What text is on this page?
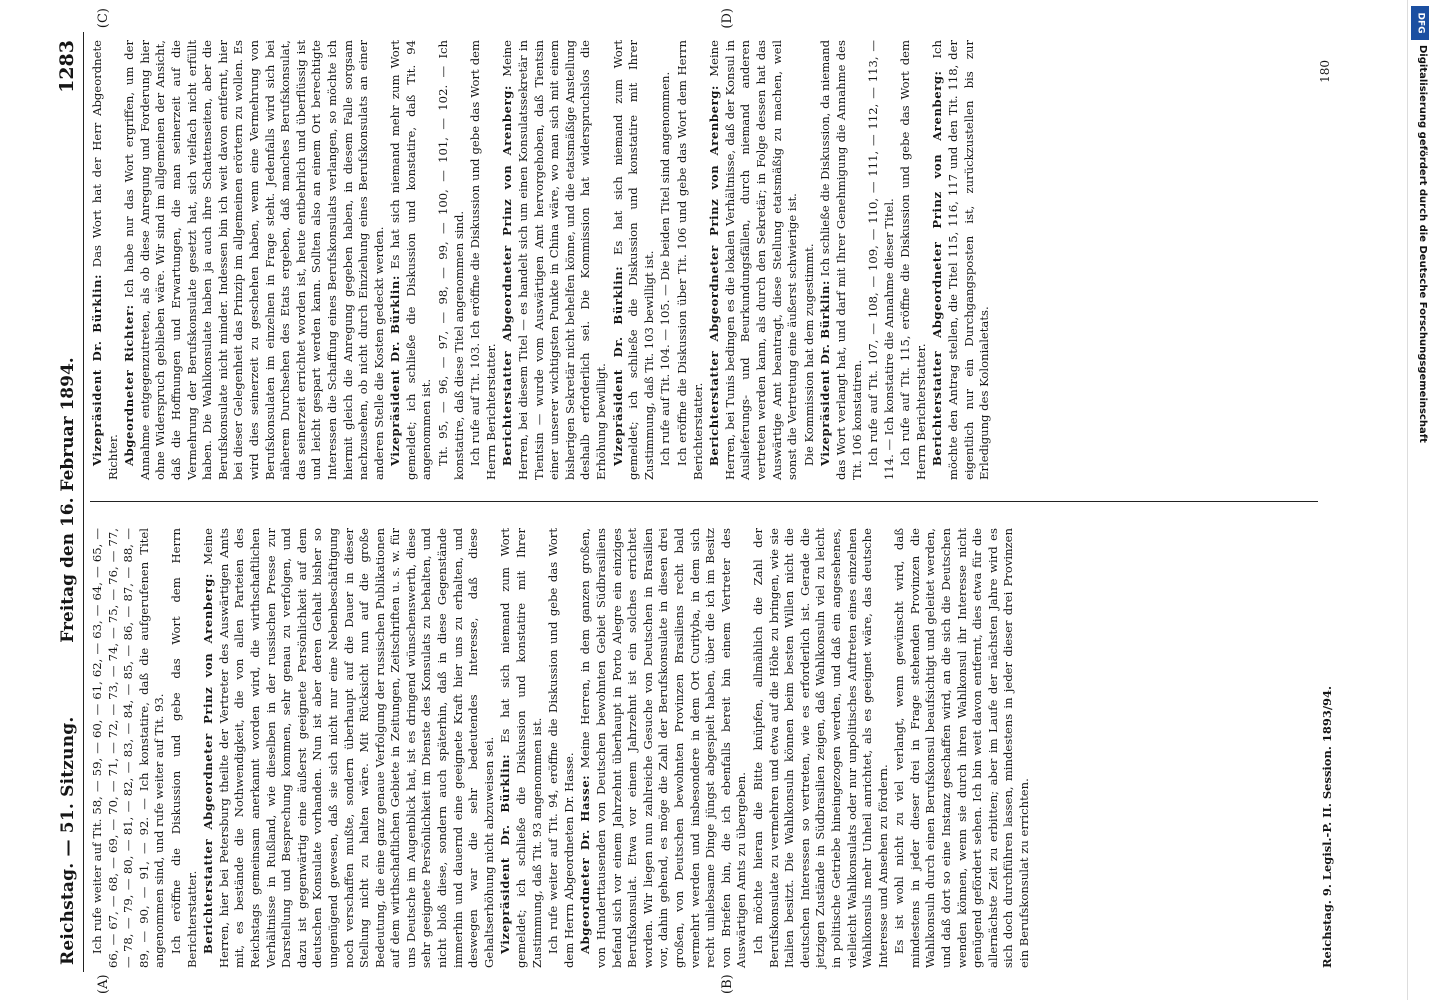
Reichstag. — 51. Sitzung.
Freitag den 16. Februar 1894.
1283
(A)	(B)
(C)	(D)

Ich rufe weiter auf Tit. 58, — 59, — 60, — 61, 62, — 63, — 64, — 65, — 66, — 67, — 68, — 69, — 70, — 71, — 72, — 73, — 74, — 75, — 76, — 77, — 78, — 79, — 80, — 81, — 82, — 83, — 84, — 85, — 86, — 87, — 88, — 89, — 90, — 91, — 92. — Ich konstatire, daß die aufgerufenen Titel angenommen sind, und rufe weiter auf Tit. 93. Ich eröffne die Diskussion und gebe das Wort dem Herrn Berichterstatter. Berichterstatter Abgeordneter Prinz von Arenberg: Meine Herren, hier bei Petersburg theilte der Vertreter des Auswärtigen Amts mit, es bestände die Nothwendigkeit, die von allen Parteien des Reichstags gemeinsam anerkannt worden wird, die wirthschaftlichen Verhältnisse in Rußland, wie dieselben in der russischen Presse zur Darstellung und Besprechung kommen, sehr genau zu verfolgen, und dazu ist gegenwärtig eine äußerst geeignete Persönlichkeit auf dem deutschen Konsulate vorhanden. Nun ist aber deren Gehalt bisher so ungenügend gewesen, daß sie sich nicht nur eine Nebenbeschäftigung noch verschaffen mußte, sondern überhaupt auf die Dauer in dieser Stellung nicht zu halten wäre. Mit Rücksicht nun auf die große Bedeutung, die eine ganz genaue Verfolgung der russischen Publikationen auf dem wirthschaftlichen Gebiete in Zeitungen, Zeitschriften u. s. w. für uns Deutsche im Augenblick hat, ist es dringend wünschenswerth, diese sehr geeignete Persönlichkeit im Dienste des Konsulats zu behalten, und nicht bloß diese, sondern auch späterhin, daß in diese Gegenstände immerhin und dauernd eine geeignete Kraft hier uns zu erhalten, und deswegen war die sehr bedeutendes Interesse, daß diese Gehaltserhöhung nicht abzuweisen sei. Vizepräsident Dr. Bürklin: Es hat sich niemand zum Wort gemeldet; ich schließe die Diskussion und konstatire mit Ihrer Zustimmung, daß Tit. 93 angenommen ist. Ich rufe weiter auf Tit. 94, eröffne die Diskussion und gebe das Wort dem Herrn Abgeordneten Dr. Hasse. Abgeordneter Dr. Hasse: Meine Herren, in dem ganzen großen, von Hunderttausenden von Deutschen bewohnten Gebiet Südbrasiliens befand sich vor einem Jahrzehnt überhaupt in Porto Alegre ein einziges Berufskonsulat. Etwa vor einem Jahrzehnt ist ein solches errichtet worden. Wir liegen nun zahlreiche Gesuche von Deutschen in Brasilien vor, dahin gehend, es möge die Zahl der Berufskonsulate in diesen drei großen, von Deutschen bewohnten Provinzen Brasiliens recht bald vermehrt werden und insbesondere in dem Ort Curityba, in dem sich recht unliebsame Dinge jüngst abgespielt haben, über die ich im Besitz von Briefen bin, die ich ebenfalls bereit bin einem Vertreter des Auswärtigen Amts zu übergeben. Ich möchte hieran die Bitte knüpfen, allmählich die Zahl der Berufskonsulate zu vermehren und etwa auf die Höhe zu bringen, wie sie Italien besitzt. Die Wahlkonsuln können beim besten Willen nicht die deutschen Interessen so vertreten, wie es erforderlich ist. Gerade die jetzigen Zustände in Südbrasilien zeigen, daß Wahlkonsuln viel zu leicht in politische Getriebe hineingezogen werden, und daß ein angesehenes, vielleicht Wahlkonsulats oder nur unpolitisches Auftreten eines einzelnen Wahlkonsuls mehr Unheil anrichtet, als es geeignet wäre, das deutsche Interesse und Ansehen zu fördern. Es ist wohl nicht zu viel verlangt, wenn gewünscht wird, daß mindestens in jeder dieser drei in Frage stehenden Provinzen die Wahlkonsuln durch einen Berufskonsul beaufsichtigt und geleitet werden, und daß dort so eine Instanz geschaffen wird, an die sich die Deutschen wenden können, wenn sie durch ihren Wahlkonsul ihr Interesse nicht genügend gefördert sehen. Ich bin weit davon entfernt, dies etwa für die allernächste Zeit zu erbitten; aber im Laufe der nächsten Jahre wird es sich doch durchführen lassen, mindestens in jeder dieser drei Provinzen ein Berufskonsulat zu errichten.

Vizepräsident Dr. Bürklin: Das Wort hat der Herr Abgeordnete Richter. Abgeordneter Richter: Ich habe nur das Wort ergriffen, um der Annahme entgegenzutreten, als ob diese Anregung und Forderung hier ohne Widerspruch geblieben wäre. Wir sind im allgemeinen der Ansicht, daß die Hoffnungen und Erwartungen, die man seinerzeit auf die Vermehrung der Berufskonsulate gesetzt hat, sich vielfach nicht erfüllt haben. Die Wahlkonsulate haben ja auch ihre Schattenseiten, aber die Berufskonsulate nicht minder. Indessen bin ich weit davon entfernt, hier bei dieser Gelegenheit das Prinzip im allgemeinen erörtern zu wollen. Es wird dies seinerzeit zu geschehen haben, wenn eine Vermehrung von Berufskonsulaten im einzelnen in Frage steht. Jedenfalls wird sich bei näherem Durchsehen des Etats ergeben, daß manches Berufskonsulat, das seinerzeit errichtet worden ist, heute entbehrlich und überflüssig ist und leicht gespart werden kann. Sollten also an einem Ort berechtigte Interessen die Schaffung eines Berufskonsulats verlangen, so möchte ich hiermit gleich die Anregung gegeben haben, in diesem Falle sorgsam nachzusehen, ob nicht durch Einziehung eines Berufskonsulats an einer anderen Stelle die Kosten gedeckt werden. Vizepräsident Dr. Bürklin: Es hat sich niemand mehr zum Wort gemeldet; ich schließe die Diskussion und konstatire, daß Tit. 94 angenommen ist. Tit. 95, — 96, — 97, — 98, — 99, — 100, — 101, — 102. — Ich konstatire, daß diese Titel angenommen sind. Ich rufe auf Tit. 103. Ich eröffne die Diskussion und gebe das Wort dem Herrn Berichterstatter. Berichterstatter Abgeordneter Prinz von Arenberg: Meine Herren, bei diesem Titel — es handelt sich um einen Konsulatssekretär in Tientsin — wurde vom Auswärtigen Amt hervorgehoben, daß Tientsin einer unserer wichtigsten Punkte in China wäre, wo man sich mit einem bisherigen Sekretär nicht behelfen könne, und die etatsmäßige Anstellung deshalb erforderlich sei. Die Kommission hat widerspruchslos die Erhöhung bewilligt. Vizepräsident Dr. Bürklin: Es hat sich niemand zum Wort gemeldet; ich schließe die Diskussion und konstatire mit Ihrer Zustimmung, daß Tit. 103 bewilligt ist. Ich rufe auf Tit. 104. — 105. — Die beiden Titel sind angenommen. Ich eröffne die Diskussion über Tit. 106 und gebe das Wort dem Herrn Berichterstatter. Berichterstatter Abgeordneter Prinz von Arenberg: Meine Herren, bei Tunis bedingen es die lokalen Verhältnisse, daß der Konsul in Auslieferungs- und Beurkundungsfällen, durch niemand anderen vertreten werden kann, als durch den Sekretär; in Folge dessen hat das Auswärtige Amt beantragt, diese Stellung etatsmäßig zu machen, weil sonst die Vertretung eine äußerst schwierige ist. Die Kommission hat dem zugestimmt. Vizepräsident Dr. Bürklin: Ich schließe die Diskussion, da niemand das Wort verlangt hat, und darf mit Ihrer Genehmigung die Annahme des Tit. 106 konstatiren. Ich rufe auf Tit. 107, — 108, — 109, — 110, — 111, — 112, — 113, — 114. — Ich konstatire die Annahme dieser Titel. Ich rufe auf Tit. 115, eröffne die Diskussion und gebe das Wort dem Herrn Berichterstatter. Berichterstatter Abgeordneter Prinz von Arenberg: Ich möchte den Antrag stellen, die Titel 115, 116, 117 und den Tit. 118, der eigentlich nur ein Durchgangsposten ist, zurückzustellen bis zur Erledigung des Kolonialetats.

Reichstag. 9. Legisl.-P. II. Session. 1893/94.
180
DFG
Digitalisierung gefördert durch die Deutsche Forschungsgemeinschaft
